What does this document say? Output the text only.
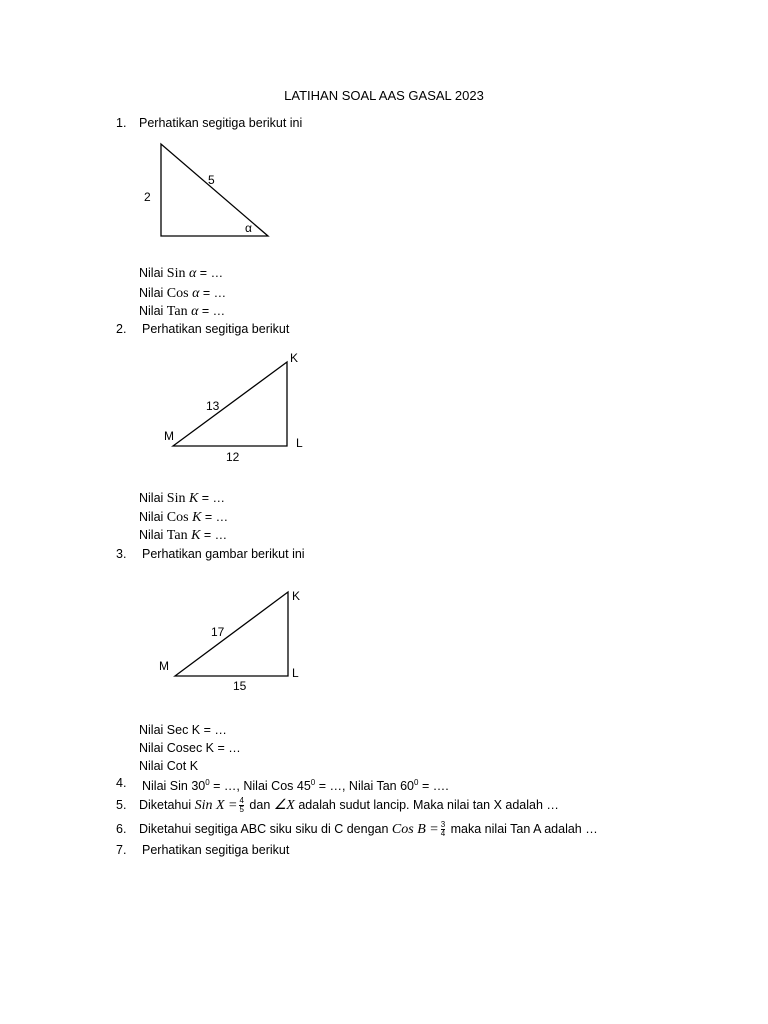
LATIHAN SOAL AAS GASAL 2023
1. Perhatikan segitiga berikut ini
2
5
α
Nilai Sin α = …
Nilai Cos α = …
Nilai Tan α = …
2. Perhatikan segitiga berikut
K
L
M
13
12
Nilai Sin K = …
Nilai Cos K = …
Nilai Tan K = …
3. Perhatikan gambar berikut ini
K
L
M
17
15
Nilai Sec K = …
Nilai Cosec K = …
Nilai Cot K
4. Nilai Sin $30^0$ = …, Nilai Cos $45^0$ = …, Nilai Tan $60^0$ = ….
5. Diketahui Sin $X = \frac{4}{5}$ dan ∠X adalah sudut lancip. Maka nilai tan X adalah …
6. Diketahui segitiga ABC siku siku di C dengan Cos $B = \frac{3}{4}$ maka nilai Tan A adalah …
7. Perhatikan segitiga berikut
